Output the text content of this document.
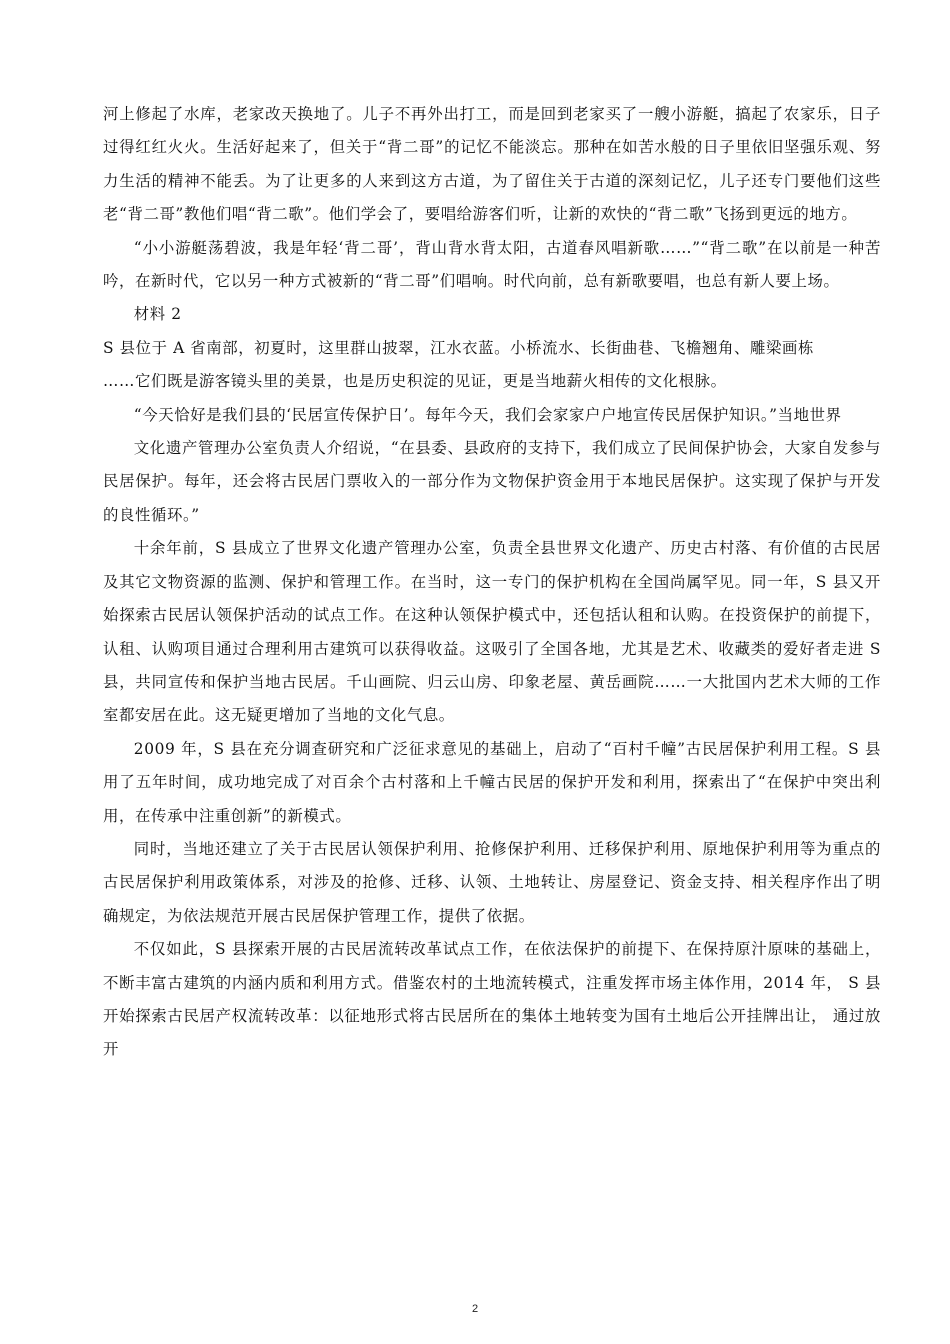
河上修起了水库，老家改天换地了。儿子不再外出打工，而是回到老家买了一艘小游艇，搞起了农家乐，日子过得红红火火。生活好起来了，但关于“背二哥”的记忆不能淡忘。那种在如苦水般的日子里依旧坚强乐观、努力生活的精神不能丢。为了让更多的人来到这方古道，为了留住关于古道的深刻记忆，儿子还专门要他们这些老“背二哥”教他们唱“背二歌”。他们学会了，要唱给游客们听，让新的欢快的“背二歌”飞扬到更远的地方。

“小小游艇荡碧波，我是年轻‘背二哥’，背山背水背太阳，古道春风唱新歌……”“背二歌”在以前是一种苦吟，在新时代，它以另一种方式被新的“背二哥”们唱响。时代向前，总有新歌要唱，也总有新人要上场。

材料 2

S 县位于 A 省南部，初夏时，这里群山披翠，江水衣蓝。小桥流水、长街曲巷、飞檐翘角、雕梁画栋

……它们既是游客镜头里的美景，也是历史积淀的见证，更是当地薪火相传的文化根脉。

“今天恰好是我们县的‘民居宣传保护日’。每年今天，我们会家家户户地宣传民居保护知识。”当地世界

文化遗产管理办公室负责人介绍说，“在县委、县政府的支持下，我们成立了民间保护协会，大家自发参与民居保护。每年，还会将古民居门票收入的一部分作为文物保护资金用于本地民居保护。这实现了保护与开发的良性循环。”

十余年前，S 县成立了世界文化遗产管理办公室，负责全县世界文化遗产、历史古村落、有价值的古民居及其它文物资源的监测、保护和管理工作。在当时，这一专门的保护机构在全国尚属罕见。同一年，S 县又开始探索古民居认领保护活动的试点工作。在这种认领保护模式中，还包括认租和认购。在投资保护的前提下，认租、认购项目通过合理利用古建筑可以获得收益。这吸引了全国各地，尤其是艺术、收藏类的爱好者走进 S 县，共同宣传和保护当地古民居。千山画院、归云山房、印象老屋、黄岳画院……一大批国内艺术大师的工作室都安居在此。这无疑更增加了当地的文化气息。

2009 年，S 县在充分调查研究和广泛征求意见的基础上，启动了“百村千幢”古民居保护利用工程。S 县用了五年时间，成功地完成了对百余个古村落和上千幢古民居的保护开发和利用，探索出了“在保护中突出利用，在传承中注重创新”的新模式。

同时，当地还建立了关于古民居认领保护利用、抢修保护利用、迁移保护利用、原地保护利用等为重点的古民居保护利用政策体系，对涉及的抢修、迁移、认领、土地转让、房屋登记、资金支持、相关程序作出了明确规定，为依法规范开展古民居保护管理工作，提供了依据。

不仅如此，S 县探索开展的古民居流转改革试点工作，在依法保护的前提下、在保持原汁原味的基础上，不断丰富古建筑的内涵内质和利用方式。借鉴农村的土地流转模式，注重发挥市场主体作用，2014 年， S 县开始探索古民居产权流转改革：以征地形式将古民居所在的集体土地转变为国有土地后公开挂牌出让， 通过放开

2
